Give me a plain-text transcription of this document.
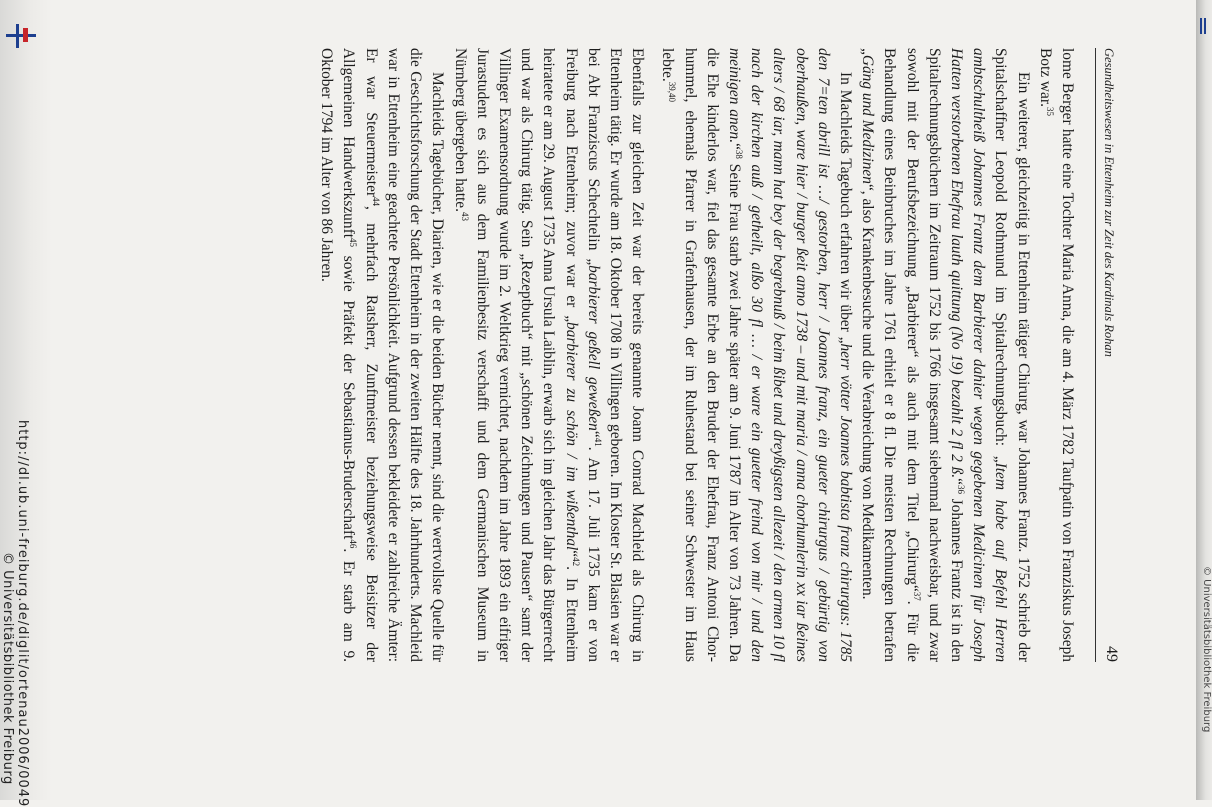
Gesundheitswesen in Ettenheim zur Zeit des Kardinals Rohan
49

lome Berger hatte eine Tochter Maria Anna, die am 4. März 1782 Taufpatin von Franziskus Joseph Botz war.$^{35}$

Ein weiterer, gleichzeitig in Ettenheim tätiger Chirurg, war Johannes Frantz. 1752 schrieb der Spitalschaffner Leopold Rothmund im Spitalrechnungsbuch: „Item habe auf Befehl Herren ambtschultheiß Johannes Frantz dem Barbierer dahier wegen gegebenen Medicinen für Joseph Hatten verstorbenen Ehefrau lauth quittung (No 19) bezahlt 2 fl 2 ß.“$^{36}$ Johannes Frantz ist in den Spitalrechnungsbüchern im Zeitraum 1752 bis 1766 insgesamt siebenmal nachweisbar, und zwar sowohl mit der Berufsbezeichnung „Barbierer“ als auch mit dem Titel „Chirurg“$^{37}$. Für die Behandlung eines Beinbruches im Jahre 1761 erhielt er 8 fl. Die meisten Rechnungen betrafen „Gäng und Medizinen“, also Krankenbesuche und die Verabreichung von Medikamenten.

In Machleids Tagebuch erfahren wir über „herr vötter Joannes babtista franz chirurgus: 1785 den 7=ten abrill ist …/ gestorben, herr / Joannes franz, ein gueter chirurgus / gebürtig von oberhaußen, ware hier / burger ßeit anno 1738 – und mit maria / anna chorhumlerin xx iar ßeines alters / 68 iar, mann hat bey der begrebnuß / beim ßibet und dreyßigsten allezeit / den armen 10 fl nach der kirchen auß / getheilt, alßo 30 fl … / er ware ein guetter freind von mir / und den meinigen anen.“$^{38}$ Seine Frau starb zwei Jahre später am 9. Juni 1787 im Alter von 73 Jahren. Da die Ehe kinderlos war, fiel das gesamte Erbe an den Bruder der Ehefrau, Franz Antoni Chorhummel, ehemals Pfarrer in Grafenhausen, der im Ruhestand bei seiner Schwester im Haus lebte.$^{39,40}$

Ebenfalls zur gleichen Zeit war der bereits genannte Joann Conrad Machleid als Chirurg in Ettenheim tätig. Er wurde am 18. Oktober 1708 in Villingen geboren. Im Kloster St. Blasien war er bei Abt Franziscus Schechtelin „barbierer geßell geweßen“$^{41}$. Am 17. Juli 1735 kam er von Freiburg nach Ettenheim; zuvor war er „barbierer zu schön / im wißenthal“$^{42}$. In Ettenheim heiratete er am 29. August 1735 Anna Ursula Laiblin, erwarb sich im gleichen Jahr das Bürgerrecht und war als Chirurg tätig. Sein „Rezeptbuch“ mit „schönen Zeichnungen und Pausen“ samt der Villinger Examensordnung wurde im 2. Weltkrieg vernichtet, nachdem im Jahre 1893 ein eifriger Jurastudent es sich aus dem Familienbesitz verschafft und dem Germanischen Museum in Nürnberg übergeben hatte.$^{43}$

Machleids Tagebücher, Diarien, wie er die beiden Bücher nennt, sind die wertvollste Quelle für die Geschichtsforschung der Stadt Ettenheim in der zweiten Hälfte des 18. Jahrhunderts. Machleid war in Ettenheim eine geachtete Persönlichkeit. Aufgrund dessen bekleidete er zahlreiche Ämter: Er war Steuermeister$^{44}$, mehrfach Ratsherr, Zunftmeister beziehungsweise Beisitzer der Allgemeinen Handwerkszunft$^{45}$ sowie Präfekt der Sebastianus-Bruderschaft$^{46}$. Er starb am 9. Oktober 1794 im Alter von 86 Jahren.

http://dl.ub.uni-freiburg.de/diglit/ortenau2006/0049
© Universitätsbibliothek Freiburg	© Universitätsbibliothek Freiburg
